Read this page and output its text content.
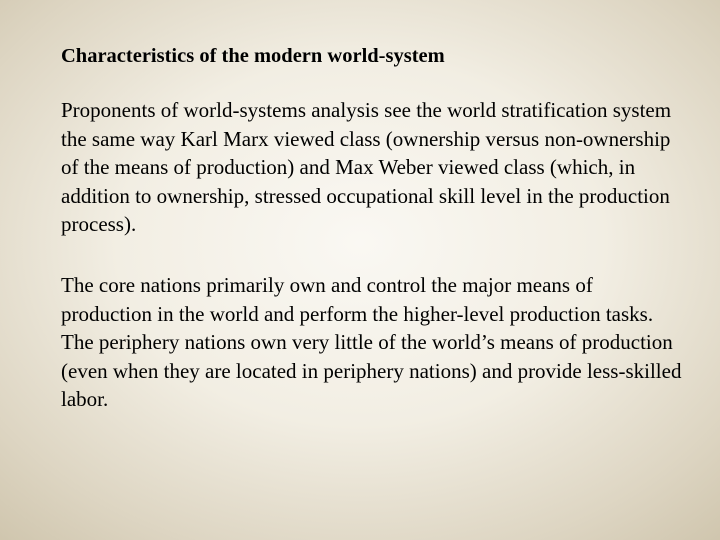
Characteristics of the modern world-system

Proponents of world-systems analysis see the world stratification system the same way Karl Marx viewed class (ownership versus non-ownership of the means of production) and Max Weber viewed class (which, in addition to ownership, stressed occupational skill level in the production process).

The core nations primarily own and control the major means of production in the world and perform the higher-level production tasks. The periphery nations own very little of the world’s means of production (even when they are located in periphery nations) and provide less-skilled labor.
